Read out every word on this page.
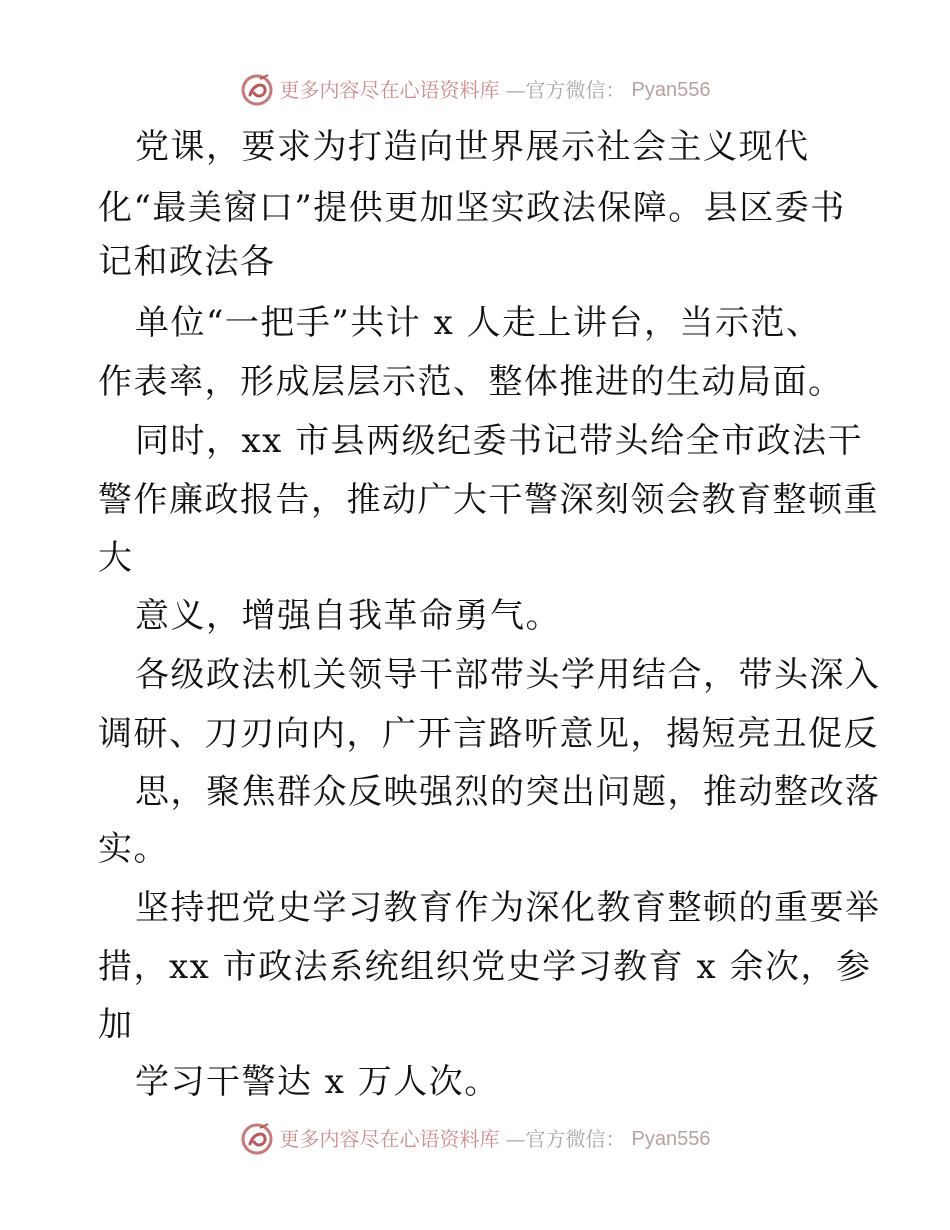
更多内容尽在心语资料库 —官方微信： Pyan556
党课，要求为打造向世界展示社会主义现代
化“最美窗口”提供更加坚实政法保障。县区委书
记和政法各
单位“一把手”共计 x 人走上讲台，当示范、
作表率，形成层层示范、整体推进的生动局面。
同时，xx 市县两级纪委书记带头给全市政法干
警作廉政报告，推动广大干警深刻领会教育整顿重
大
意义，增强自我革命勇气。
各级政法机关领导干部带头学用结合，带头深入
调研、刀刃向内，广开言路听意见，揭短亮丑促反
思，聚焦群众反映强烈的突出问题，推动整改落
实。
坚持把党史学习教育作为深化教育整顿的重要举
措，xx 市政法系统组织党史学习教育 x 余次，参
加
学习干警达 x 万人次。
更多内容尽在心语资料库 —官方微信： Pyan556
